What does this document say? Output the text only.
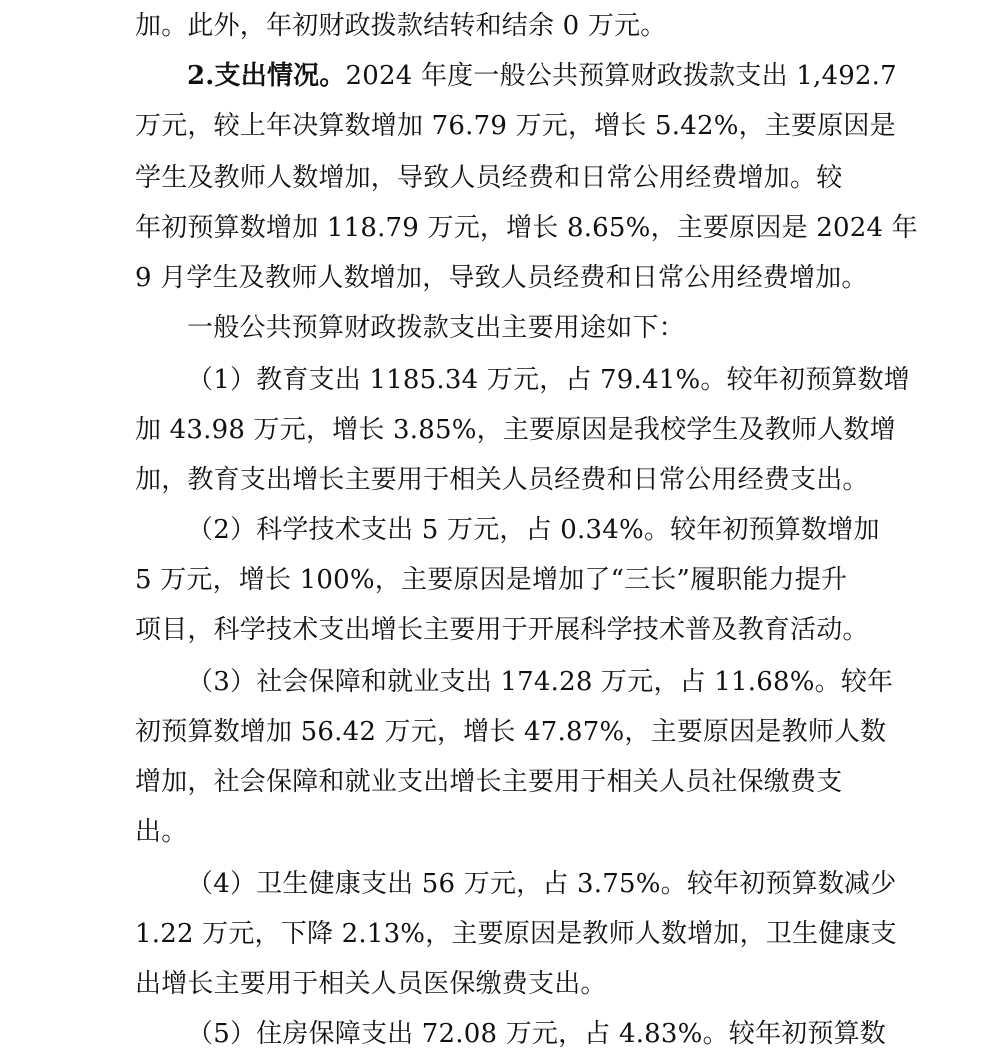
加。此外，年初财政拨款结转和结余 0 万元。
2.支出情况。2024 年度一般公共预算财政拨款支出 1,492.7
万元，较上年决算数增加 76.79 万元，增长 5.42%，主要原因是
学生及教师人数增加，导致人员经费和日常公用经费增加。较
年初预算数增加 118.79 万元，增长 8.65%，主要原因是 2024 年
9 月学生及教师人数增加，导致人员经费和日常公用经费增加。
一般公共预算财政拨款支出主要用途如下：
（1）教育支出 1185.34 万元，占 79.41%。较年初预算数增
加 43.98 万元，增长 3.85%，主要原因是我校学生及教师人数增
加，教育支出增长主要用于相关人员经费和日常公用经费支出。
（2）科学技术支出 5 万元，占 0.34%。较年初预算数增加
5 万元，增长 100%，主要原因是增加了“三长”履职能力提升
项目，科学技术支出增长主要用于开展科学技术普及教育活动。
（3）社会保障和就业支出 174.28 万元，占 11.68%。较年
初预算数增加 56.42 万元，增长 47.87%，主要原因是教师人数
增加，社会保障和就业支出增长主要用于相关人员社保缴费支
出。
（4）卫生健康支出 56 万元，占 3.75%。较年初预算数减少
1.22 万元，下降 2.13%，主要原因是教师人数增加，卫生健康支
出增长主要用于相关人员医保缴费支出。
（5）住房保障支出 72.08 万元，占 4.83%。较年初预算数
